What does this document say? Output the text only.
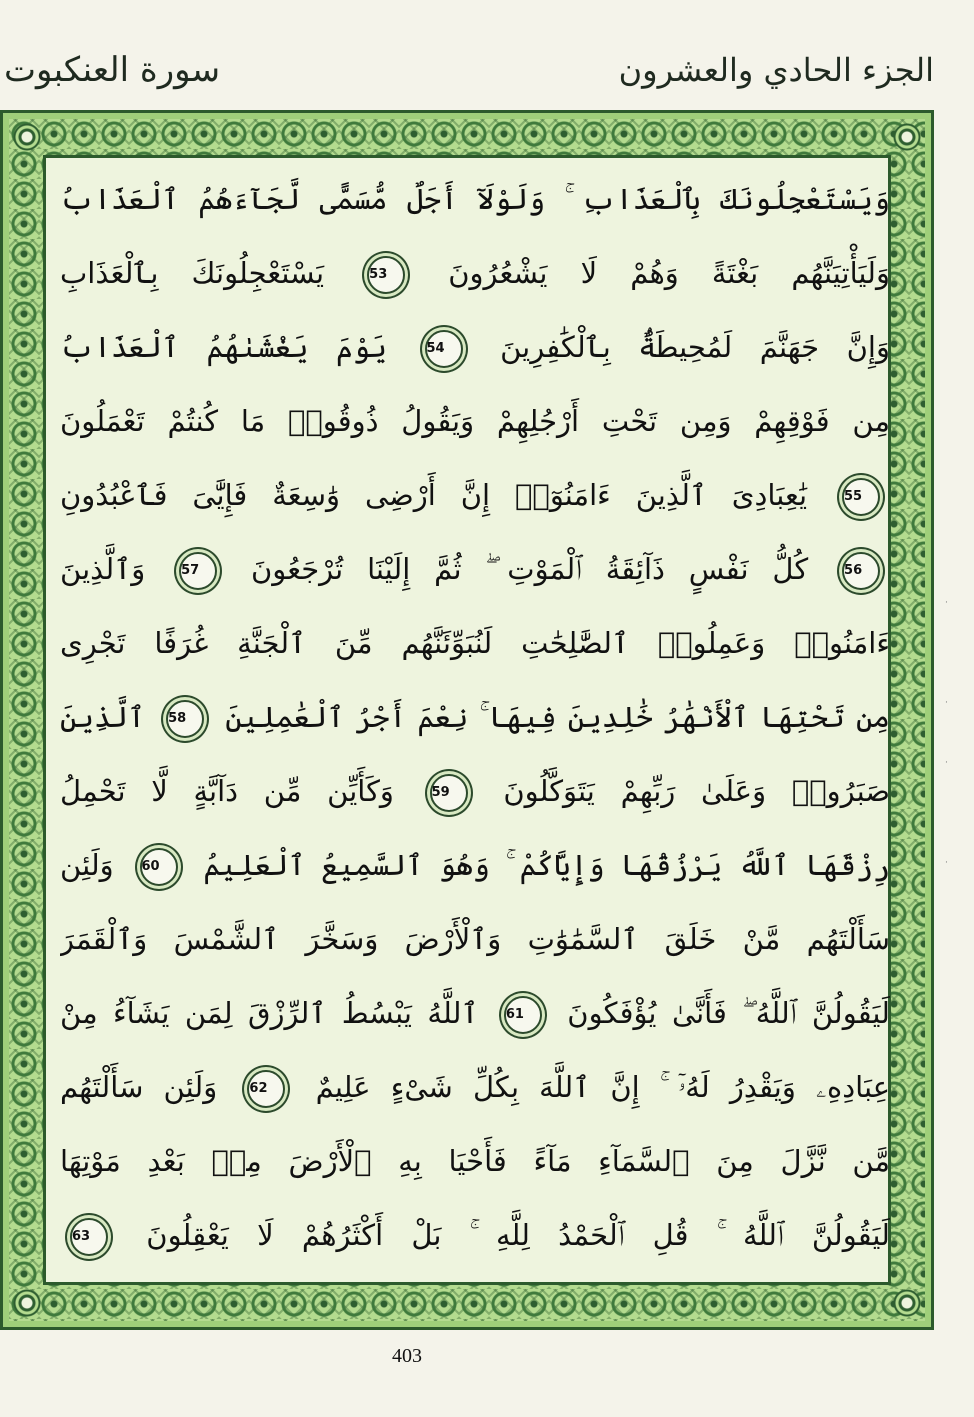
سورة العنكبوت	الجزء الحادي والعشرون
وَيَسْتَعْجِلُونَكَ بِٱلْعَذَابِ ۚ وَلَوْلَآ أَجَلٌ مُّسَمًّى لَّجَآءَهُمُ ٱلْعَذَابُ
وَلَيَأْتِيَنَّهُم بَغْتَةً وَهُمْ لَا يَشْعُرُونَ 53 يَسْتَعْجِلُونَكَ بِٱلْعَذَابِ
وَإِنَّ جَهَنَّمَ لَمُحِيطَةٌۢ بِٱلْكَٰفِرِينَ 54 يَوْمَ يَغْشَىٰهُمُ ٱلْعَذَابُ
مِن فَوْقِهِمْ وَمِن تَحْتِ أَرْجُلِهِمْ وَيَقُولُ ذُوقُوا۟ مَا كُنتُمْ تَعْمَلُونَ
55 يَٰعِبَادِىَ ٱلَّذِينَ ءَامَنُوٓا۟ إِنَّ أَرْضِى وَٰسِعَةٌ فَإِيَّٰىَ فَٱعْبُدُونِ
56 كُلُّ نَفْسٍ ذَآئِقَةُ ٱلْمَوْتِ ۖ ثُمَّ إِلَيْنَا تُرْجَعُونَ 57 وَٱلَّذِينَ
ءَامَنُوا۟ وَعَمِلُوا۟ ٱلصَّٰلِحَٰتِ لَنُبَوِّئَنَّهُم مِّنَ ٱلْجَنَّةِ غُرَفًا تَجْرِى
مِن تَحْتِهَا ٱلْأَنْهَٰرُ خَٰلِدِينَ فِيهَا ۚ نِعْمَ أَجْرُ ٱلْعَٰمِلِينَ 58 ٱلَّذِينَ
صَبَرُوا۟ وَعَلَىٰ رَبِّهِمْ يَتَوَكَّلُونَ 59 وَكَأَيِّن مِّن دَآبَّةٍ لَّا تَحْمِلُ
رِزْقَهَا ٱللَّهُ يَرْزُقُهَا وَإِيَّاكُمْ ۚ وَهُوَ ٱلسَّمِيعُ ٱلْعَلِيمُ 60 وَلَئِن
سَأَلْتَهُم مَّنْ خَلَقَ ٱلسَّمَٰوَٰتِ وَٱلْأَرْضَ وَسَخَّرَ ٱلشَّمْسَ وَٱلْقَمَرَ
لَيَقُولُنَّ ٱللَّهُ ۖ فَأَنَّىٰ يُؤْفَكُونَ 61 ٱللَّهُ يَبْسُطُ ٱلرِّزْقَ لِمَن يَشَآءُ مِنْ
عِبَادِهِۦ وَيَقْدِرُ لَهُۥٓ ۚ إِنَّ ٱللَّهَ بِكُلِّ شَىْءٍ عَلِيمٌ 62 وَلَئِن سَأَلْتَهُم
مَّن نَّزَّلَ مِنَ ٱلسَّمَآءِ مَآءً فَأَحْيَا بِهِ ٱلْأَرْضَ مِنۢ بَعْدِ مَوْتِهَا
لَيَقُولُنَّ ٱللَّهُ ۚ قُلِ ٱلْحَمْدُ لِلَّهِ ۚ بَلْ أَكْثَرُهُمْ لَا يَعْقِلُونَ 63
403
·
·
·
·
